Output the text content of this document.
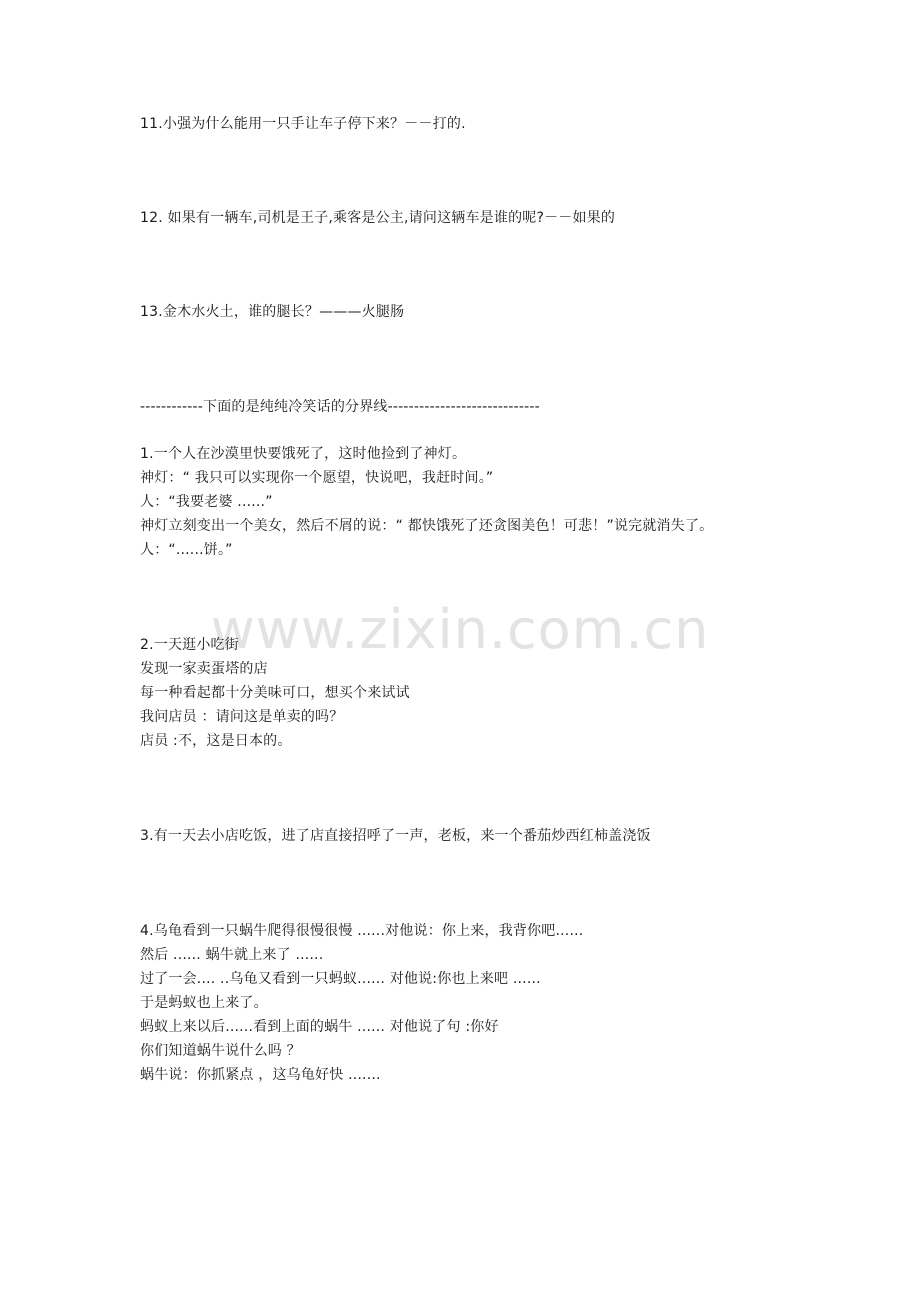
www.zixin.com.cn
11.小强为什么能用一只手让车子停下来？－－打的.
12. 如果有一辆车,司机是王子,乘客是公主,请问这辆车是谁的呢?－－如果的
13.金木水火土，谁的腿长？———火腿肠
------------下面的是纯纯冷笑话的分界线-----------------------------
1.一个人在沙漠里快要饿死了，这时他捡到了神灯。
神灯：“ 我只可以实现你一个愿望，快说吧，我赶时间。”
人：“我要老婆 ......”
神灯立刻变出一个美女，然后不屑的说：“ 都快饿死了还贪图美色！可悲！”说完就消失了。
人：“......饼。”
2.一天逛小吃街
发现一家卖蛋塔的店
每一种看起都十分美味可口，想买个来试试
我问店员 ：请问这是单卖的吗？
店员 :不，这是日本的。
3.有一天去小店吃饭，进了店直接招呼了一声，老板，来一个番茄炒西红柿盖浇饭
4.乌龟看到一只蜗牛爬得很慢很慢 ......对他说：你上来，我背你吧......
然后 ...... 蜗牛就上来了 ......
过了一会.... ..乌龟又看到一只蚂蚁...... 对他说:你也上来吧 ......
于是蚂蚁也上来了。
蚂蚁上来以后......看到上面的蜗牛 ...... 对他说了句 :你好
你们知道蜗牛说什么吗 ？
蜗牛说：你抓紧点 ，这乌龟好快 .......
